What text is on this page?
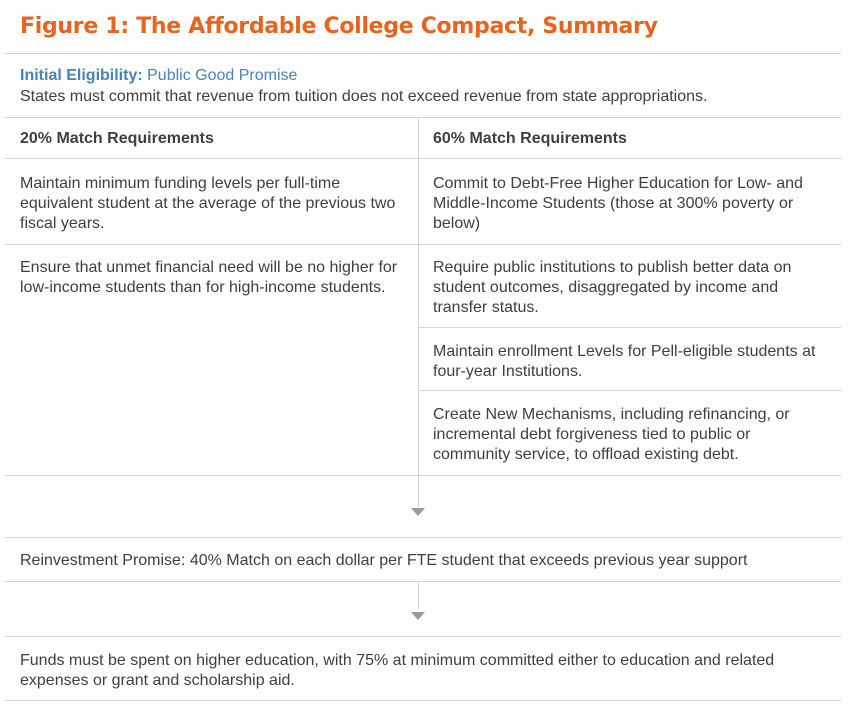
Figure 1: The Affordable College Compact, Summary
Initial Eligibility: Public Good Promise
States must commit that revenue from tuition does not exceed revenue from state appropriations.
20% Match Requirements	60% Match Requirements
Maintain minimum funding levels per full-time equivalent student at the average of the previous two fiscal years.
Ensure that unmet financial need will be no higher for low-income students than for high-income students.
Commit to Debt-Free Higher Education for Low- and Middle-Income Students (those at 300% poverty or below)
Require public institutions to publish better data on student outcomes, disaggregated by income and transfer status.
Maintain enrollment Levels for Pell-eligible students at four-year Institutions.
Create New Mechanisms, including refinancing, or incremental debt forgiveness tied to public or community service, to offload existing debt.
Reinvestment Promise: 40% Match on each dollar per FTE student that exceeds previous year support
Funds must be spent on higher education, with 75% at minimum committed either to education and related expenses or grant and scholarship aid.
